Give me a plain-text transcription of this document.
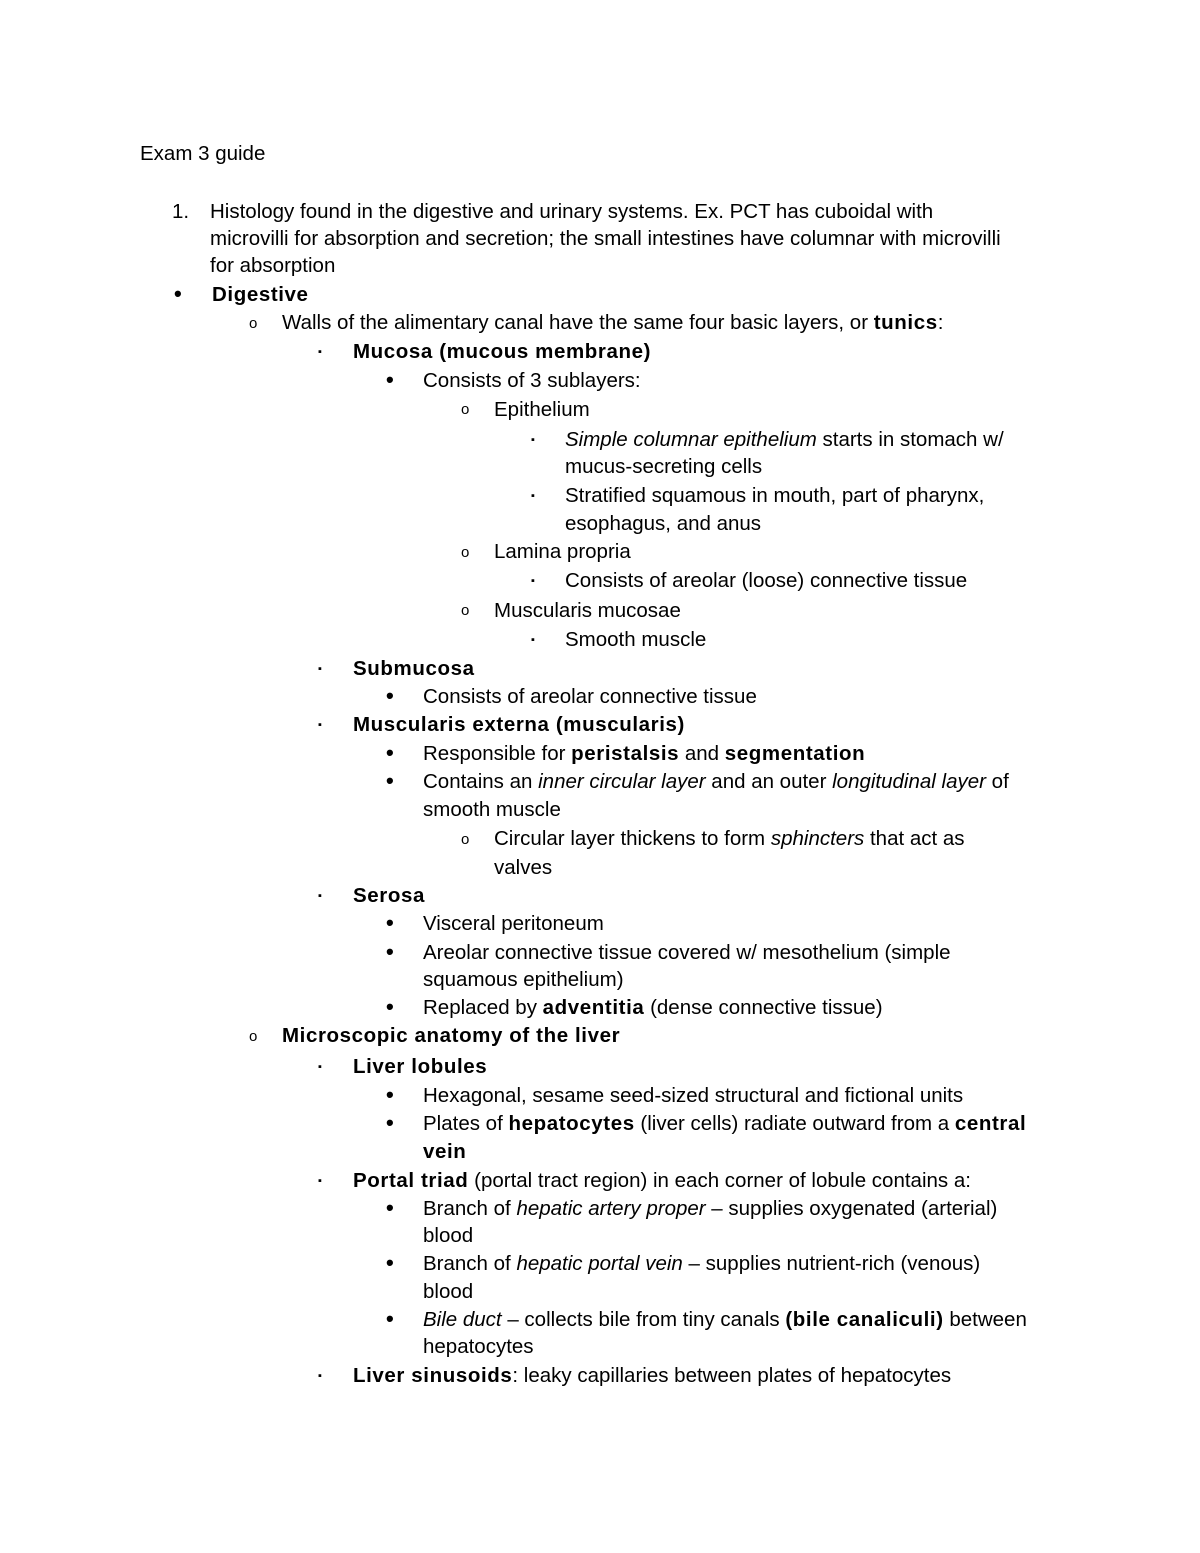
Exam 3 guide
1. Histology found in the digestive and urinary systems. Ex. PCT has cuboidal with
microvilli for absorption and secretion; the small intestines have columnar with microvilli
for absorption
• Digestive
o Walls of the alimentary canal have the same four basic layers, or tunics:
▪ Mucosa (mucous membrane)
• Consists of 3 sublayers:
o Epithelium
▪ Simple columnar epithelium starts in stomach w/
mucus-secreting cells
▪ Stratified squamous in mouth, part of pharynx,
esophagus, and anus
o Lamina propria
▪ Consists of areolar (loose) connective tissue
o Muscularis mucosae
▪ Smooth muscle
▪ Submucosa
• Consists of areolar connective tissue
▪ Muscularis externa (muscularis)
• Responsible for peristalsis and segmentation
• Contains an inner circular layer and an outer longitudinal layer of
smooth muscle
o Circular layer thickens to form sphincters that act as
valves
▪ Serosa
• Visceral peritoneum
• Areolar connective tissue covered w/ mesothelium (simple
squamous epithelium)
• Replaced by adventitia (dense connective tissue)
o Microscopic anatomy of the liver
▪ Liver lobules
• Hexagonal, sesame seed-sized structural and fictional units
• Plates of hepatocytes (liver cells) radiate outward from a central
vein
▪ Portal triad (portal tract region) in each corner of lobule contains a:
• Branch of hepatic artery proper – supplies oxygenated (arterial)
blood
• Branch of hepatic portal vein – supplies nutrient-rich (venous)
blood
• Bile duct – collects bile from tiny canals (bile canaliculi) between
hepatocytes
▪ Liver sinusoids: leaky capillaries between plates of hepatocytes
